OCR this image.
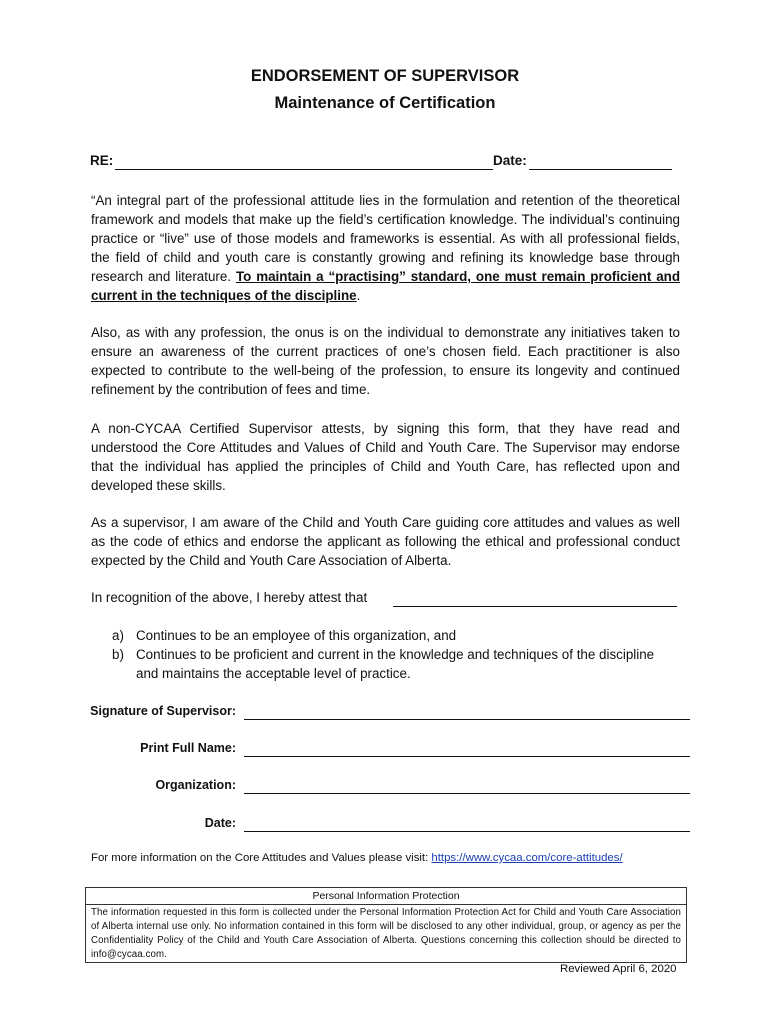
ENDORSEMENT OF SUPERVISOR
Maintenance of Certification
RE:	Date:
“An integral part of the professional attitude lies in the formulation and retention of the theoretical framework and models that make up the field’s certification knowledge. The individual’s continuing practice or “live” use of those models and frameworks is essential. As with all professional fields, the field of child and youth care is constantly growing and refining its knowledge base through research and literature. To maintain a “practising” standard, one must remain proficient and current in the techniques of the discipline.
Also, as with any profession, the onus is on the individual to demonstrate any initiatives taken to ensure an awareness of the current practices of one’s chosen field. Each practitioner is also expected to contribute to the well-being of the profession, to ensure its longevity and continued refinement by the contribution of fees and time.
A non-CYCAA Certified Supervisor attests, by signing this form, that they have read and understood the Core Attitudes and Values of Child and Youth Care. The Supervisor may endorse that the individual has applied the principles of Child and Youth Care, has reflected upon and developed these skills.
As a supervisor, I am aware of the Child and Youth Care guiding core attitudes and values as well as the code of ethics and endorse the applicant as following the ethical and professional conduct expected by the Child and Youth Care Association of Alberta.
In recognition of the above, I hereby attest that
a) Continues to be an employee of this organization, and
b) Continues to be proficient and current in the knowledge and techniques of the discipline and maintains the acceptable level of practice.
Signature of Supervisor:
Print Full Name:
Organization:
Date:
For more information on the Core Attitudes and Values please visit: https://www.cycaa.com/core-attitudes/
Personal Information Protection
The information requested in this form is collected under the Personal Information Protection Act for Child and Youth Care Association of Alberta internal use only. No information contained in this form will be disclosed to any other individual, group, or agency as per the Confidentiality Policy of the Child and Youth Care Association of Alberta. Questions concerning this collection should be directed to info@cycaa.com.
Reviewed April 6, 2020
